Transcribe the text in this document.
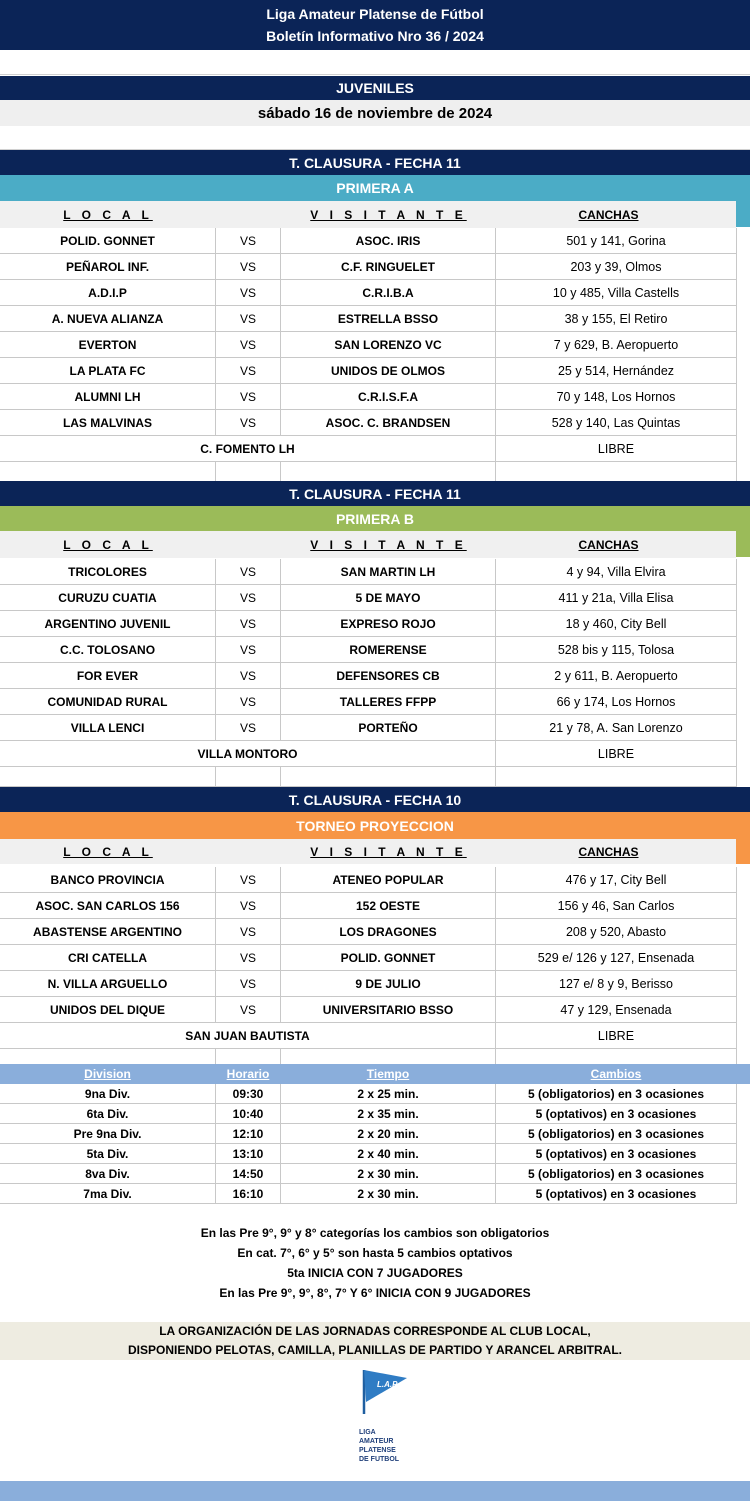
Liga Amateur Platense de Fútbol
Boletín Informativo Nro 36 / 2024
JUVENILES
sábado 16 de noviembre de 2024
T. CLAUSURA - FECHA 11
PRIMERA A
L O C A L	V I S I T A N T E	CANCHAS
POLID. GONNET	VS	ASOC. IRIS	501 y 141, Gorina
PEÑAROL INF.	VS	C.F. RINGUELET	203 y 39, Olmos
A.D.I.P	VS	C.R.I.B.A	10 y 485, Villa Castells
A. NUEVA ALIANZA	VS	ESTRELLA BSSO	38 y 155, El Retiro
EVERTON	VS	SAN LORENZO VC	7 y 629, B. Aeropuerto
LA PLATA FC	VS	UNIDOS DE OLMOS	25 y 514, Hernández
ALUMNI LH	VS	C.R.I.S.F.A	70 y 148, Los Hornos
LAS MALVINAS	VS	ASOC. C. BRANDSEN	528 y 140, Las Quintas
C. FOMENTO LH	LIBRE
T. CLAUSURA - FECHA 11
PRIMERA B
L O C A L	V I S I T A N T E	CANCHAS
TRICOLORES	VS	SAN MARTIN LH	4 y 94, Villa Elvira
CURUZU CUATIA	VS	5 DE MAYO	411 y 21a, Villa Elisa
ARGENTINO JUVENIL	VS	EXPRESO ROJO	18 y 460, City Bell
C.C. TOLOSANO	VS	ROMERENSE	528 bis y 115, Tolosa
FOR EVER	VS	DEFENSORES CB	2 y 611, B. Aeropuerto
COMUNIDAD RURAL	VS	TALLERES FFPP	66 y 174, Los Hornos
VILLA LENCI	VS	PORTEÑO	21 y 78, A. San Lorenzo
VILLA MONTORO	LIBRE
T. CLAUSURA - FECHA 10
TORNEO PROYECCION
L O C A L	V I S I T A N T E	CANCHAS
BANCO PROVINCIA	VS	ATENEO POPULAR	476 y 17, City Bell
ASOC. SAN CARLOS 156	VS	152 OESTE	156 y 46, San Carlos
ABASTENSE ARGENTINO	VS	LOS DRAGONES	208 y 520, Abasto
CRI CATELLA	VS	POLID. GONNET	529 e/ 126 y 127, Ensenada
N. VILLA ARGUELLO	VS	9 DE JULIO	127 e/ 8 y 9, Berisso
UNIDOS DEL DIQUE	VS	UNIVERSITARIO BSSO	47 y 129, Ensenada
SAN JUAN BAUTISTA	LIBRE
Division	Horario	Tiempo	Cambios
9na Div.	09:30	2 x 25 min.	5 (obligatorios) en 3 ocasiones
6ta Div.	10:40	2 x 35 min.	5 (optativos) en 3 ocasiones
Pre 9na Div.	12:10	2 x 20 min.	5 (obligatorios) en 3 ocasiones
5ta Div.	13:10	2 x 40 min.	5 (optativos) en 3 ocasiones
8va Div.	14:50	2 x 30 min.	5 (obligatorios) en 3 ocasiones
7ma Div.	16:10	2 x 30 min.	5 (optativos) en 3 ocasiones
En las Pre 9°, 9° y 8° categorías los cambios son obligatorios
En cat. 7°, 6° y 5° son hasta 5 cambios optativos
5ta INICIA CON 7 JUGADORES
En las Pre 9°, 9°, 8°, 7° Y 6° INICIA CON 9 JUGADORES
LA ORGANIZACIÓN DE LAS JORNADAS CORRESPONDE AL CLUB LOCAL,
DISPONIENDO PELOTAS, CAMILLA, PLANILLAS DE PARTIDO Y ARANCEL ARBITRAL.
L.A.P
LIGA
AMATEUR
PLATENSE
DE FUTBOL
